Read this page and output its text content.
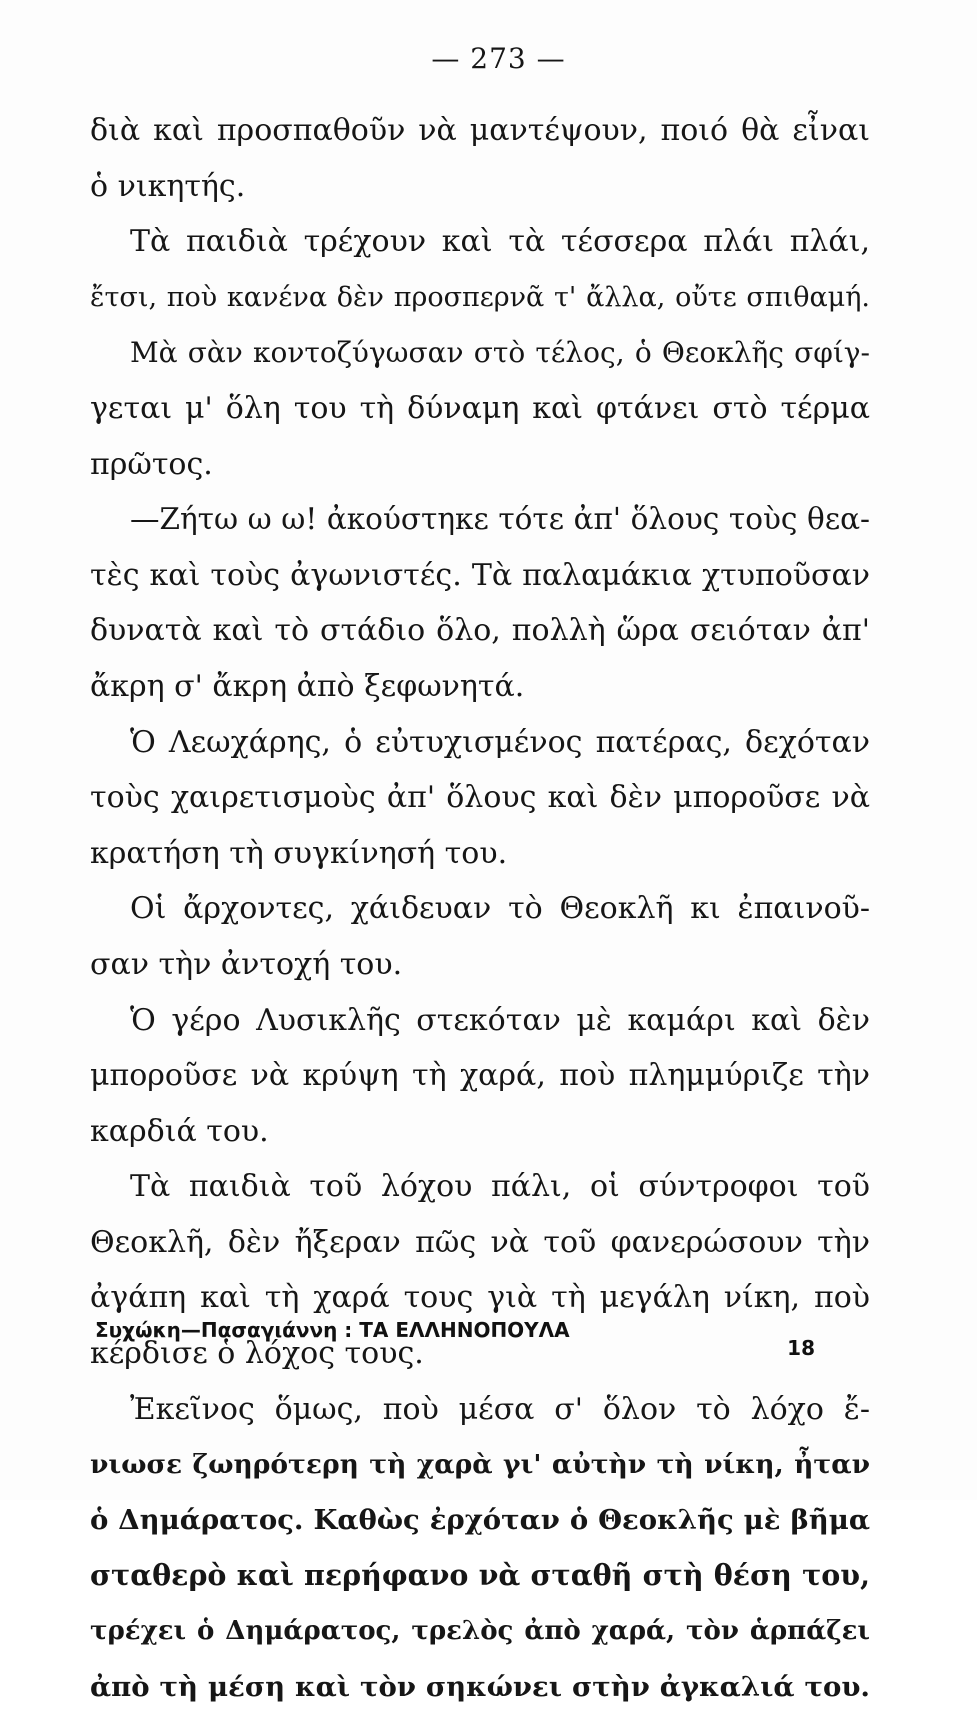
— 273 —
διὰ καὶ προσπαθοῦν νὰ μαντέψουν, ποιό θὰ εἶναι
ὁ νικητής.
Τὰ παιδιὰ τρέχουν καὶ τὰ τέσσερα πλάι πλάι,
ἔτσι, ποὺ κανένα δὲν προσπερνᾶ τ' ἄλλα, οὔτε σπιθαμή.
Μὰ σὰν κοντοζύγωσαν στὸ τέλος, ὁ Θεοκλῆς σφίγ-
γεται μ' ὅλη του τὴ δύναμη καὶ φτάνει στὸ τέρμα
πρῶτος.
—Ζήτω ω ω! ἀκούστηκε τότε ἀπ' ὅλους τοὺς θεα-
τὲς καὶ τοὺς ἀγωνιστές. Τὰ παλαμάκια χτυποῦσαν
δυνατὰ καὶ τὸ στάδιο ὅλο, πολλὴ ὥρα σειόταν ἀπ'
ἄκρη σ' ἄκρη ἀπὸ ξεφωνητά.
Ὁ Λεωχάρης, ὁ εὐτυχισμένος πατέρας, δεχόταν
τοὺς χαιρετισμοὺς ἀπ' ὅλους καὶ δὲν μποροῦσε νὰ
κρατήση τὴ συγκίνησή του.
Οἱ ἄρχοντες, χάιδευαν τὸ Θεοκλῆ κι ἐπαινοῦ-
σαν τὴν ἀντοχή του.
Ὁ γέρο Λυσικλῆς στεκόταν μὲ καμάρι καὶ δὲν
μποροῦσε νὰ κρύψη τὴ χαρά, ποὺ πλημμύριζε τὴν
καρδιά του.
Τὰ παιδιὰ τοῦ λόχου πάλι, οἱ σύντροφοι τοῦ
Θεοκλῆ, δὲν ἤξεραν πῶς νὰ τοῦ φανερώσουν τὴν
ἀγάπη καὶ τὴ χαρά τους γιὰ τὴ μεγάλη νίκη, ποὺ
κέρδισε ὁ λόχος τους.
Ἐκεῖνος ὅμως, ποὺ μέσα σ' ὅλον τὸ λόχο ἔ-
νιωσε ζωηρότερη τὴ χαρὰ γι' αὐτὴν τὴ νίκη, ἦταν
ὁ Δημάρατος. Καθὼς ἐρχόταν ὁ Θεοκλῆς μὲ βῆμα
σταθερὸ καὶ περήφανο νὰ σταθῆ στὴ θέση του,
τρέχει ὁ Δημάρατος, τρελὸς ἀπὸ χαρά, τὸν ἁρπάζει
ἀπὸ τὴ μέση καὶ τὸν σηκώνει στὴν ἀγκαλιά του.
Συχώκη—Πασαγιάννη : ΤΑ ΕΛΛΗΝΟΠΟΥΛΑ
18
